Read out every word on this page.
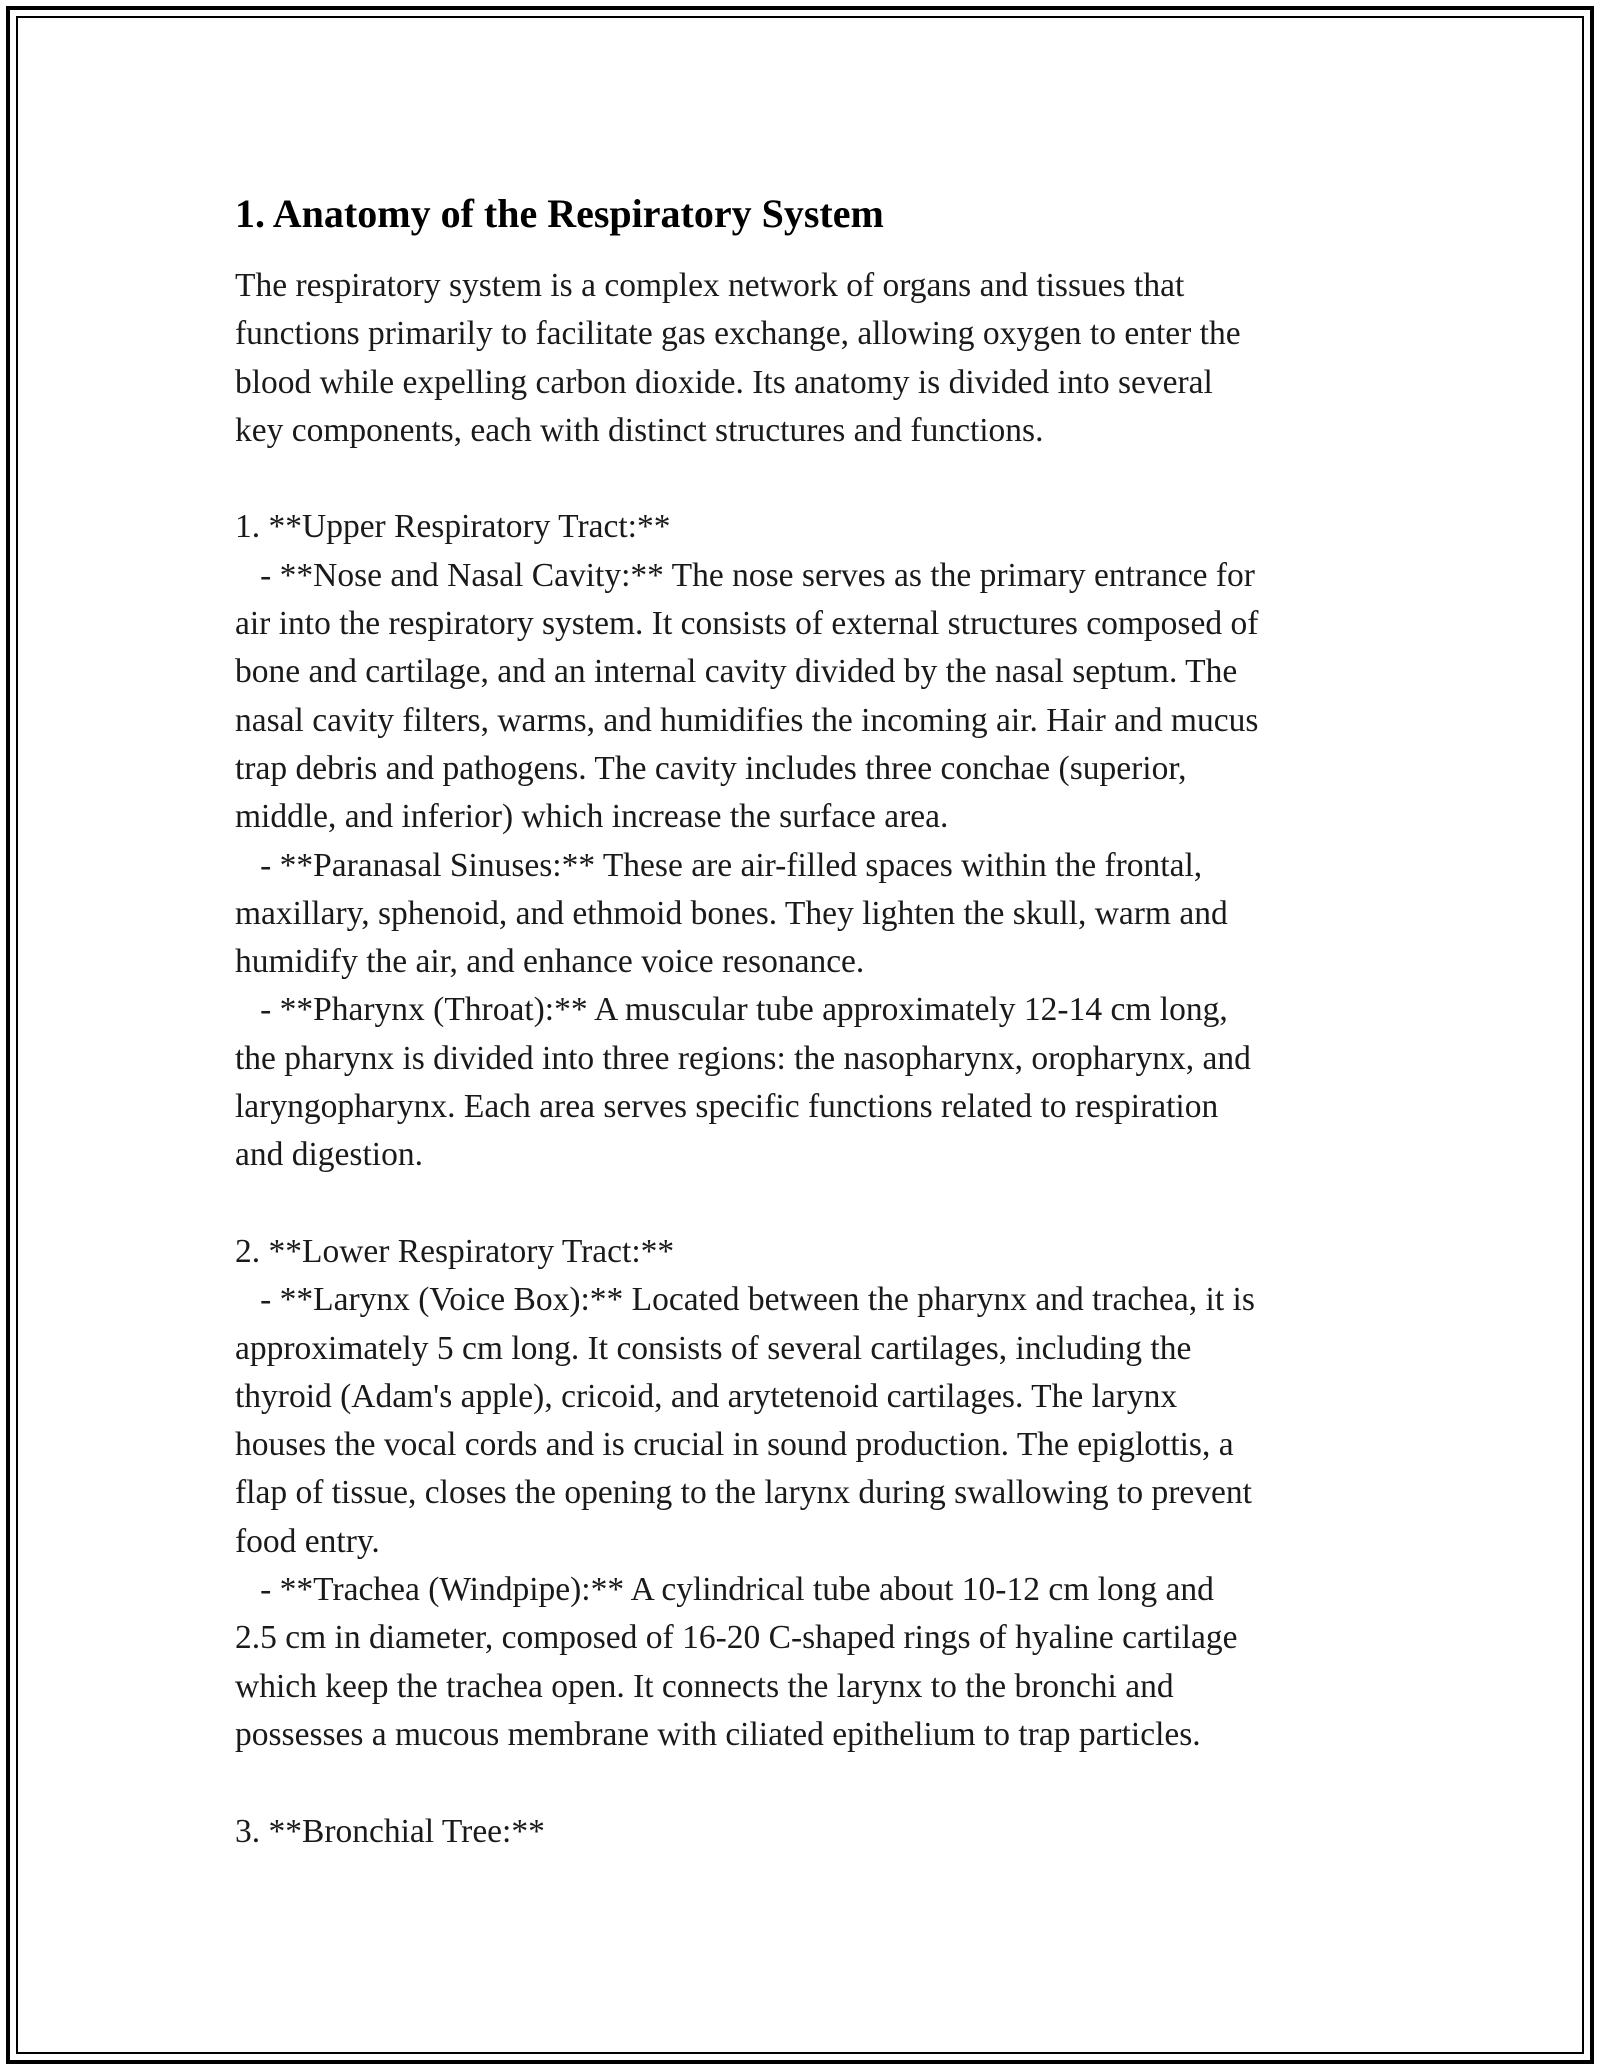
1. Anatomy of the Respiratory System

The respiratory system is a complex network of organs and tissues that
functions primarily to facilitate gas exchange, allowing oxygen to enter the
blood while expelling carbon dioxide. Its anatomy is divided into several
key components, each with distinct structures and functions.

1. **Upper Respiratory Tract:**
- **Nose and Nasal Cavity:** The nose serves as the primary entrance for
air into the respiratory system. It consists of external structures composed of
bone and cartilage, and an internal cavity divided by the nasal septum. The
nasal cavity filters, warms, and humidifies the incoming air. Hair and mucus
trap debris and pathogens. The cavity includes three conchae (superior,
middle, and inferior) which increase the surface area.
- **Paranasal Sinuses:** These are air-filled spaces within the frontal,
maxillary, sphenoid, and ethmoid bones. They lighten the skull, warm and
humidify the air, and enhance voice resonance.
- **Pharynx (Throat):** A muscular tube approximately 12-14 cm long,
the pharynx is divided into three regions: the nasopharynx, oropharynx, and
laryngopharynx. Each area serves specific functions related to respiration
and digestion.

2. **Lower Respiratory Tract:**
- **Larynx (Voice Box):** Located between the pharynx and trachea, it is
approximately 5 cm long. It consists of several cartilages, including the
thyroid (Adam's apple), cricoid, and arytetenoid cartilages. The larynx
houses the vocal cords and is crucial in sound production. The epiglottis, a
flap of tissue, closes the opening to the larynx during swallowing to prevent
food entry.
- **Trachea (Windpipe):** A cylindrical tube about 10-12 cm long and
2.5 cm in diameter, composed of 16-20 C-shaped rings of hyaline cartilage
which keep the trachea open. It connects the larynx to the bronchi and
possesses a mucous membrane with ciliated epithelium to trap particles.

3. **Bronchial Tree:**
